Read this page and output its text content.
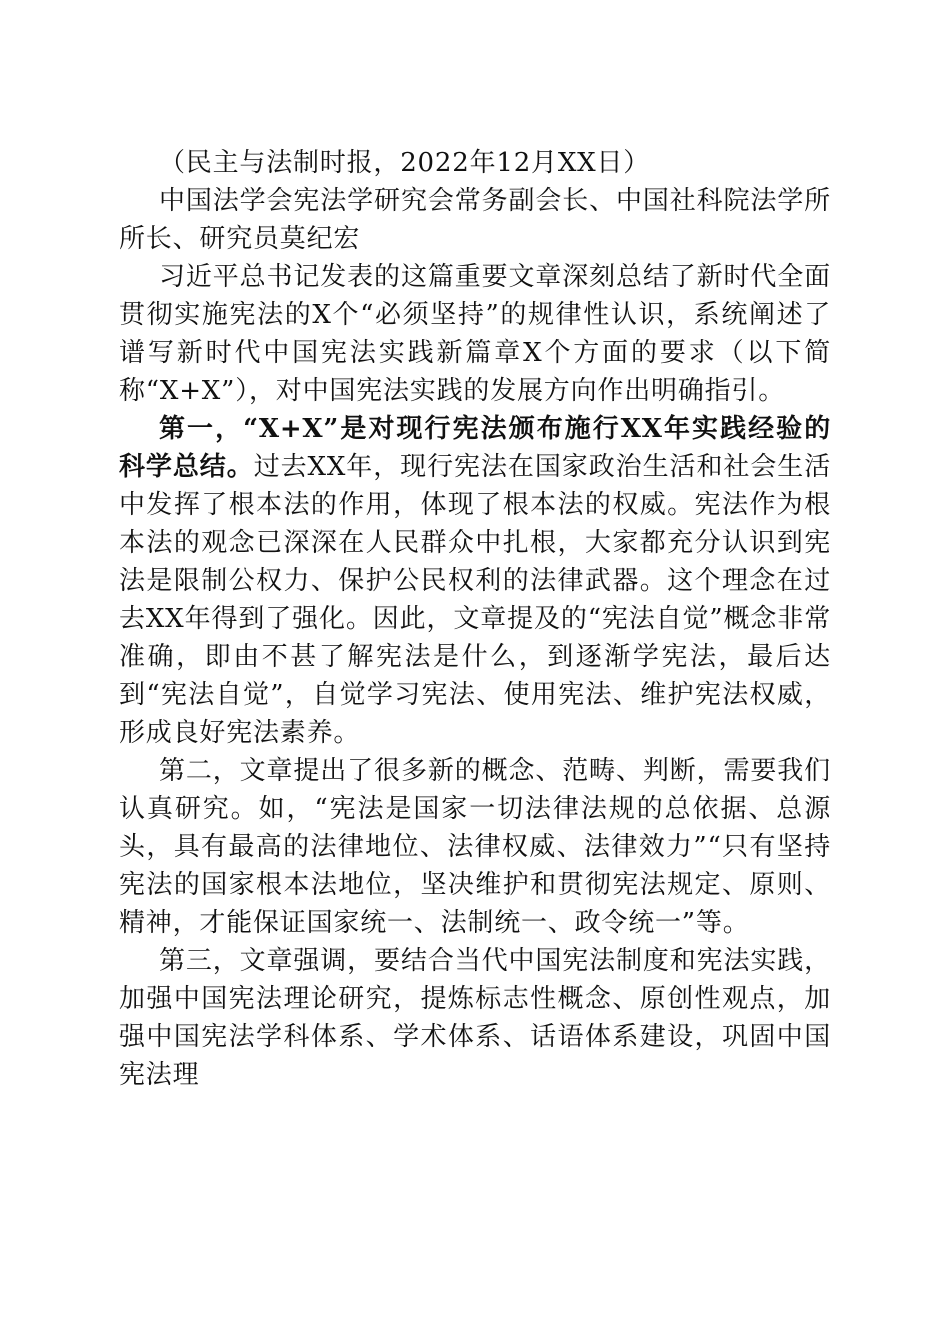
（民主与法制时报，2022年12月XX日）

中国法学会宪法学研究会常务副会长、中国社科院法学所所长、研究员莫纪宏

习近平总书记发表的这篇重要文章深刻总结了新时代全面贯彻实施宪法的X个“必须坚持”的规律性认识，系统阐述了谱写新时代中国宪法实践新篇章X个方面的要求（以下简称“X+X”），对中国宪法实践的发展方向作出明确指引。

第一，“X+X”是对现行宪法颁布施行XX年实践经验的科学总结。过去XX年，现行宪法在国家政治生活和社会生活中发挥了根本法的作用，体现了根本法的权威。宪法作为根本法的观念已深深在人民群众中扎根，大家都充分认识到宪法是限制公权力、保护公民权利的法律武器。这个理念在过去XX年得到了强化。因此，文章提及的“宪法自觉”概念非常准确，即由不甚了解宪法是什么，到逐渐学宪法，最后达到“宪法自觉”，自觉学习宪法、使用宪法、维护宪法权威，形成良好宪法素养。

第二，文章提出了很多新的概念、范畴、判断，需要我们认真研究。如，“宪法是国家一切法律法规的总依据、总源头，具有最高的法律地位、法律权威、法律效力”“只有坚持宪法的国家根本法地位，坚决维护和贯彻宪法规定、原则、精神，才能保证国家统一、法制统一、政令统一”等。

第三，文章强调，要结合当代中国宪法制度和宪法实践，加强中国宪法理论研究，提炼标志性概念、原创性观点，加强中国宪法学科体系、学术体系、话语体系建设，巩固中国宪法理
